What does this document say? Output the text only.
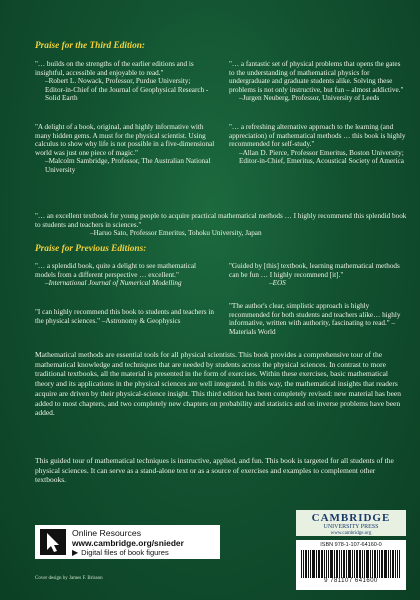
Praise for the Third Edition:
"… builds on the strengths of the earlier editions and is insightful, accessible and enjoyable to read."
–Robert L. Nowack, Professor, Purdue University; Editor-in-Chief of the Journal of Geophysical Research - Solid Earth
"… a fantastic set of physical problems that opens the gates to the understanding of mathematical physics for undergraduate and graduate students alike. Solving these problems is not only instructive, but fun – almost addictive."
–Jurgen Neuberg, Professor, University of Leeds
"A delight of a book, original, and highly informative with many hidden gems. A must for the physical scientist. Using calculus to show why life is not possible in a five-dimensional world was just one piece of magic."
–Malcolm Sambridge, Professor, The Australian National University
"… a refreshing alternative approach to the learning (and appreciation) of mathematical methods … this book is highly recommended for self-study."
–Allan D. Pierce, Professor Emeritus, Boston University; Editor-in-Chief, Emeritus, Acoustical Society of America
"… an excellent textbook for young people to acquire practical mathematical methods … I highly recommend this splendid book to students and teachers in sciences."
–Haruo Sato, Professor Emeritus, Tohoku University, Japan
Praise for Previous Editions:
"… a splendid book, quite a delight to see mathematical models from a different perspective … excellent."
–International Journal of Numerical Modelling
"Guided by [this] textbook, learning mathematical methods can be fun … I highly recommend [it]."
–EOS
"I can highly recommend this book to students and teachers in the physical sciences." –Astronomy & Geophysics
"The author's clear, simplistic approach is highly recommended for both students and teachers alike… highly informative, written with authority, fascinating to read." –Materials World
Mathematical methods are essential tools for all physical scientists. This book provides a comprehensive tour of the mathematical knowledge and techniques that are needed by students across the physical sciences. In contrast to more traditional textbooks, all the material is presented in the form of exercises. Within these exercises, basic mathematical theory and its applications in the physical sciences are well integrated. In this way, the mathematical insights that readers acquire are driven by their physical-science insight. This third edition has been completely revised: new material has been added to most chapters, and two completely new chapters on probability and statistics and on inverse problems have been added.
This guided tour of mathematical techniques is instructive, applied, and fun. This book is targeted for all students of the physical sciences. It can serve as a stand-alone text or as a source of exercises and examples to complement other textbooks.
Online Resources
www.cambridge.org/snieder
▶ Digital files of book figures
Cover design by James F. Brisson
CAMBRIDGE
UNIVERSITY PRESS
www.cambridge.org
ISBN 978-1-107-64160-0
9 781107 641600
